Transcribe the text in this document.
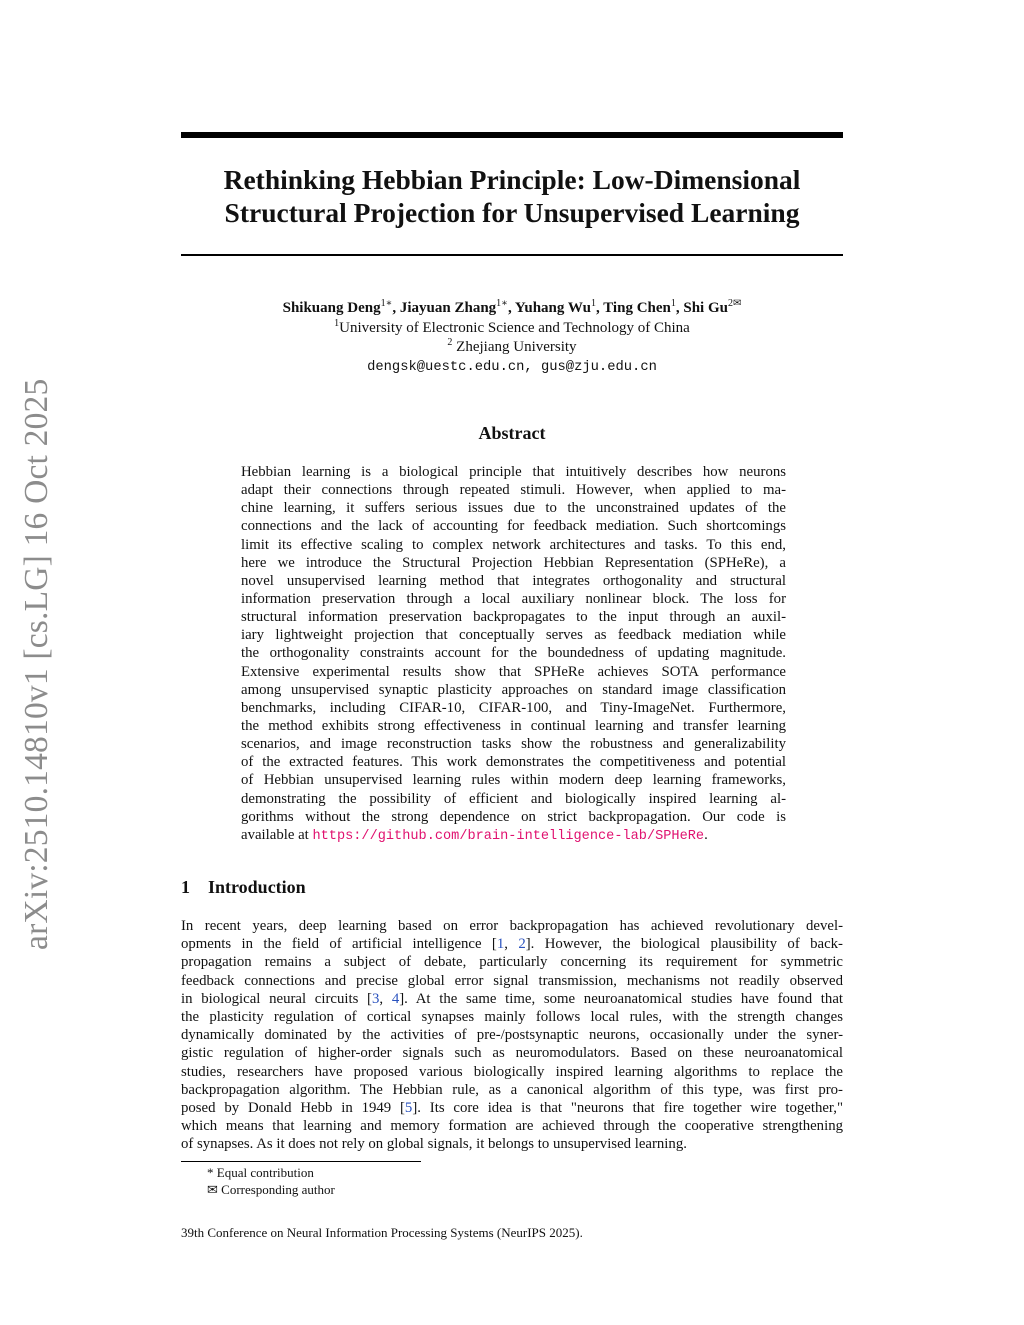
arXiv:2510.14810v1 [cs.LG] 16 Oct 2025
Rethinking Hebbian Principle: Low-Dimensional
Structural Projection for Unsupervised Learning
Shikuang Deng$^{1∗}$, Jiayuan Zhang$^{1∗}$, Yuhang Wu$^1$, Ting Chen$^1$, Shi $Gu^{2✉}$
$^1$University of Electronic Science and Technology of China
$^2$ Zhejiang University
dengsk@uestc.edu.cn, gus@zju.edu.cn
Abstract
Hebbian learning is a biological principle that intuitively describes how neurons
adapt their connections through repeated stimuli. However, when applied to ma-
chine learning, it suffers serious issues due to the unconstrained updates of the
connections and the lack of accounting for feedback mediation. Such shortcomings
limit its effective scaling to complex network architectures and tasks. To this end,
here we introduce the Structural Projection Hebbian Representation (SPHeRe), a
novel unsupervised learning method that integrates orthogonality and structural
information preservation through a local auxiliary nonlinear block. The loss for
structural information preservation backpropagates to the input through an auxil-
iary lightweight projection that conceptually serves as feedback mediation while
the orthogonality constraints account for the boundedness of updating magnitude.
Extensive experimental results show that SPHeRe achieves SOTA performance
among unsupervised synaptic plasticity approaches on standard image classification
benchmarks, including CIFAR-10, CIFAR-100, and Tiny-ImageNet. Furthermore,
the method exhibits strong effectiveness in continual learning and transfer learning
scenarios, and image reconstruction tasks show the robustness and generalizability
of the extracted features. This work demonstrates the competitiveness and potential
of Hebbian unsupervised learning rules within modern deep learning frameworks,
demonstrating the possibility of efficient and biologically inspired learning al-
gorithms without the strong dependence on strict backpropagation. Our code is
available at https://github.com/brain-intelligence-lab/SPHeRe.
1 Introduction
In recent years, deep learning based on error backpropagation has achieved revolutionary devel-
opments in the field of artificial intelligence [1, 2]. However, the biological plausibility of back-
propagation remains a subject of debate, particularly concerning its requirement for symmetric
feedback connections and precise global error signal transmission, mechanisms not readily observed
in biological neural circuits [3, 4]. At the same time, some neuroanatomical studies have found that
the plasticity regulation of cortical synapses mainly follows local rules, with the strength changes
dynamically dominated by the activities of pre-/postsynaptic neurons, occasionally under the syner-
gistic regulation of higher-order signals such as neuromodulators. Based on these neuroanatomical
studies, researchers have proposed various biologically inspired learning algorithms to replace the
backpropagation algorithm. The Hebbian rule, as a canonical algorithm of this type, was first pro-
posed by Donald Hebb in 1949 [5]. Its core idea is that "neurons that fire together wire together,"
which means that learning and memory formation are achieved through the cooperative strengthening
of synapses. As it does not rely on global signals, it belongs to unsupervised learning.
* Equal contribution
✉ Corresponding author
39th Conference on Neural Information Processing Systems (NeurIPS 2025).
